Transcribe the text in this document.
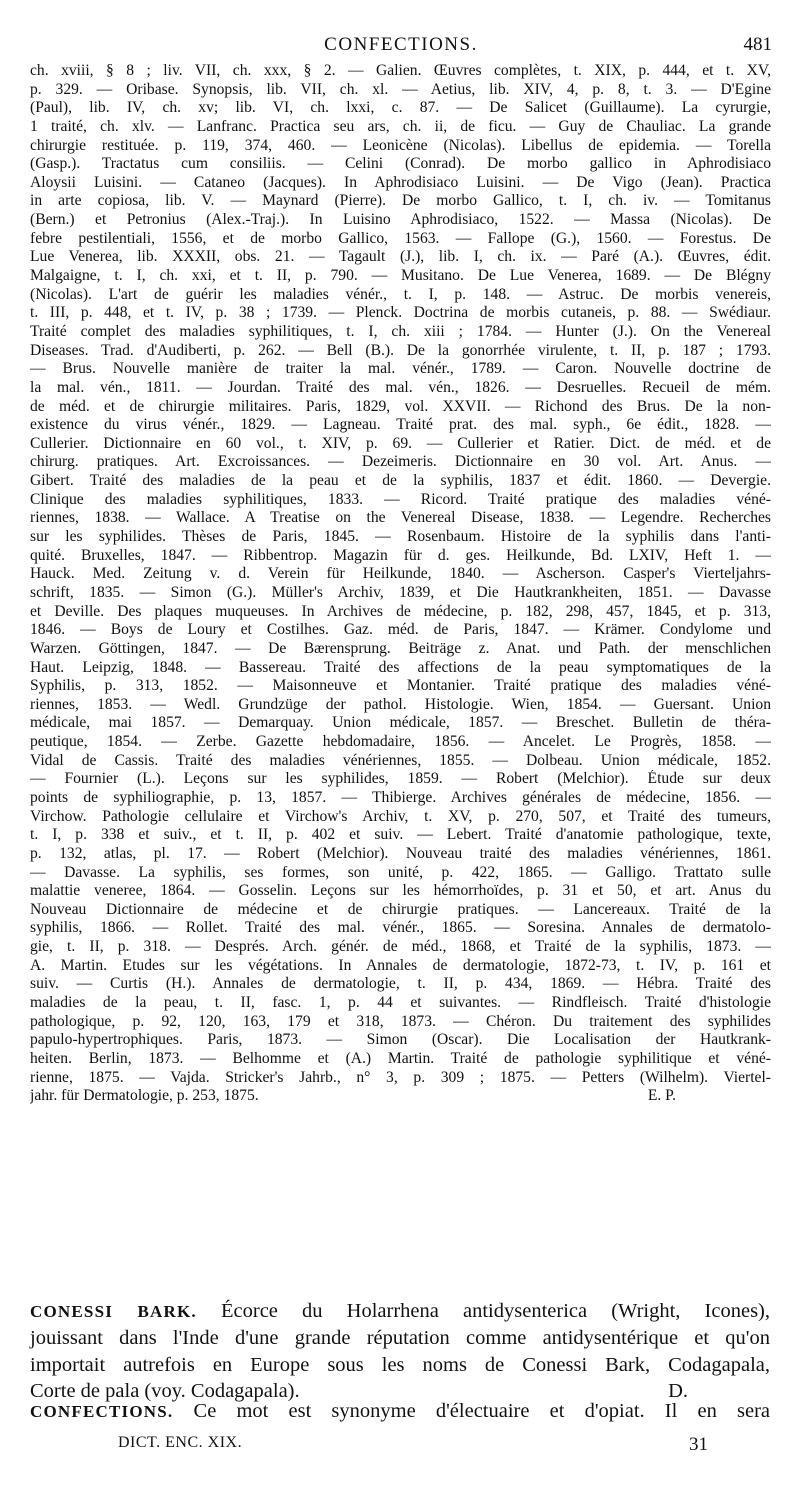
CONFECTIONS.	481
ch. xviii, § 8 ; liv. VII, ch. xxx, § 2. — Galien. Œuvres complètes, t. XIX, p. 444, et t. XV,
p. 329. — Oribase. Synopsis, lib. VII, ch. xl. — Aetius, lib. XIV, 4, p. 8, t. 3. — D'Egine
(Paul), lib. IV, ch. xv; lib. VI, ch. lxxi, c. 87. — De Salicet (Guillaume). La cyrurgie,
1 traité, ch. xlv. — Lanfranc. Practica seu ars, ch. ii, de ficu. — Guy de Chauliac. La grande
chirurgie restituée. p. 119, 374, 460. — Leonicène (Nicolas). Libellus de epidemia. — Torella
(Gasp.). Tractatus cum consiliis. — Celini (Conrad). De morbo gallico in Aphrodisiaco
Aloysii Luisini. — Cataneo (Jacques). In Aphrodisiaco Luisini. — De Vigo (Jean). Practica
in arte copiosa, lib. V. — Maynard (Pierre). De morbo Gallico, t. I, ch. iv. — Tomitanus
(Bern.) et Petronius (Alex.-Traj.). In Luisino Aphrodisiaco, 1522. — Massa (Nicolas). De
febre pestilentiali, 1556, et de morbo Gallico, 1563. — Fallope (G.), 1560. — Forestus. De
Lue Venerea, lib. XXXII, obs. 21. — Tagault (J.), lib. I, ch. ix. — Paré (A.). Œuvres, édit.
Malgaigne, t. I, ch. xxi, et t. II, p. 790. — Musitano. De Lue Venerea, 1689. — De Blégny
(Nicolas). L'art de guérir les maladies vénér., t. I, p. 148. — Astruc. De morbis venereis,
t. III, p. 448, et t. IV, p. 38 ; 1739. — Plenck. Doctrina de morbis cutaneis, p. 88. — Swédiaur.
Traité complet des maladies syphilitiques, t. I, ch. xiii ; 1784. — Hunter (J.). On the Venereal
Diseases. Trad. d'Audiberti, p. 262. — Bell (B.). De la gonorrhée virulente, t. II, p. 187 ; 1793.
— Brus. Nouvelle manière de traiter la mal. vénér., 1789. — Caron. Nouvelle doctrine de
la mal. vén., 1811. — Jourdan. Traité des mal. vén., 1826. — Desruelles. Recueil de mém.
de méd. et de chirurgie militaires. Paris, 1829, vol. XXVII. — Richond des Brus. De la non-
existence du virus vénér., 1829. — Lagneau. Traité prat. des mal. syph., 6e édit., 1828. —
Cullerier. Dictionnaire en 60 vol., t. XIV, p. 69. — Cullerier et Ratier. Dict. de méd. et de
chirurg. pratiques. Art. Excroissances. — Dezeimeris. Dictionnaire en 30 vol. Art. Anus. —
Gibert. Traité des maladies de la peau et de la syphilis, 1837 et édit. 1860. — Devergie.
Clinique des maladies syphilitiques, 1833. — Ricord. Traité pratique des maladies véné-
riennes, 1838. — Wallace. A Treatise on the Venereal Disease, 1838. — Legendre. Recherches
sur les syphilides. Thèses de Paris, 1845. — Rosenbaum. Histoire de la syphilis dans l'anti-
quité. Bruxelles, 1847. — Ribbentrop. Magazin für d. ges. Heilkunde, Bd. LXIV, Heft 1. —
Hauck. Med. Zeitung v. d. Verein für Heilkunde, 1840. — Ascherson. Casper's Vierteljahrs-
schrift, 1835. — Simon (G.). Müller's Archiv, 1839, et Die Hautkrankheiten, 1851. — Davasse
et Deville. Des plaques muqueuses. In Archives de médecine, p. 182, 298, 457, 1845, et p. 313,
1846. — Boys de Loury et Costilhes. Gaz. méd. de Paris, 1847. — Krämer. Condylome und
Warzen. Göttingen, 1847. — De Bærensprung. Beiträge z. Anat. und Path. der menschlichen
Haut. Leipzig, 1848. — Bassereau. Traité des affections de la peau symptomatiques de la
Syphilis, p. 313, 1852. — Maisonneuve et Montanier. Traité pratique des maladies véné-
riennes, 1853. — Wedl. Grundzüge der pathol. Histologie. Wien, 1854. — Guersant. Union
médicale, mai 1857. — Demarquay. Union médicale, 1857. — Breschet. Bulletin de théra-
peutique, 1854. — Zerbe. Gazette hebdomadaire, 1856. — Ancelet. Le Progrès, 1858. —
Vidal de Cassis. Traité des maladies vénériennes, 1855. — Dolbeau. Union médicale, 1852.
— Fournier (L.). Leçons sur les syphilides, 1859. — Robert (Melchior). Étude sur deux
points de syphiliographie, p. 13, 1857. — Thibierge. Archives générales de médecine, 1856. —
Virchow. Pathologie cellulaire et Virchow's Archiv, t. XV, p. 270, 507, et Traité des tumeurs,
t. I, p. 338 et suiv., et t. II, p. 402 et suiv. — Lebert. Traité d'anatomie pathologique, texte,
p. 132, atlas, pl. 17. — Robert (Melchior). Nouveau traité des maladies vénériennes, 1861.
— Davasse. La syphilis, ses formes, son unité, p. 422, 1865. — Galligo. Trattato sulle
malattie veneree, 1864. — Gosselin. Leçons sur les hémorrhoïdes, p. 31 et 50, et art. Anus du
Nouveau Dictionnaire de médecine et de chirurgie pratiques. — Lancereaux. Traité de la
syphilis, 1866. — Rollet. Traité des mal. vénér., 1865. — Soresina. Annales de dermatolo-
gie, t. II, p. 318. — Després. Arch. génér. de méd., 1868, et Traité de la syphilis, 1873. —
A. Martin. Etudes sur les végétations. In Annales de dermatologie, 1872-73, t. IV, p. 161 et
suiv. — Curtis (H.). Annales de dermatologie, t. II, p. 434, 1869. — Hébra. Traité des
maladies de la peau, t. II, fasc. 1, p. 44 et suivantes. — Rindfleisch. Traité d'histologie
pathologique, p. 92, 120, 163, 179 et 318, 1873. — Chéron. Du traitement des syphilides
papulo-hypertrophiques. Paris, 1873. — Simon (Oscar). Die Localisation der Hautkrank-
heiten. Berlin, 1873. — Belhomme et (A.) Martin. Traité de pathologie syphilitique et véné-
rienne, 1875. — Vajda. Stricker's Jahrb., n° 3, p. 309 ; 1875. — Petters (Wilhelm). Viertel-
jahr. für Dermatologie, p. 253, 1875.	E. P.
CONESSI BARK. Écorce du Holarrhena antidysenterica (Wright, Icones),
jouissant dans l'Inde d'une grande réputation comme antidysentérique et qu'on
importait autrefois en Europe sous les noms de Conessi Bark, Codagapala,
Corte de pala (voy. Codagapala).	D.
CONFECTIONS. Ce mot est synonyme d'électuaire et d'opiat. Il en sera
DICT. ENC. XIX.	31
